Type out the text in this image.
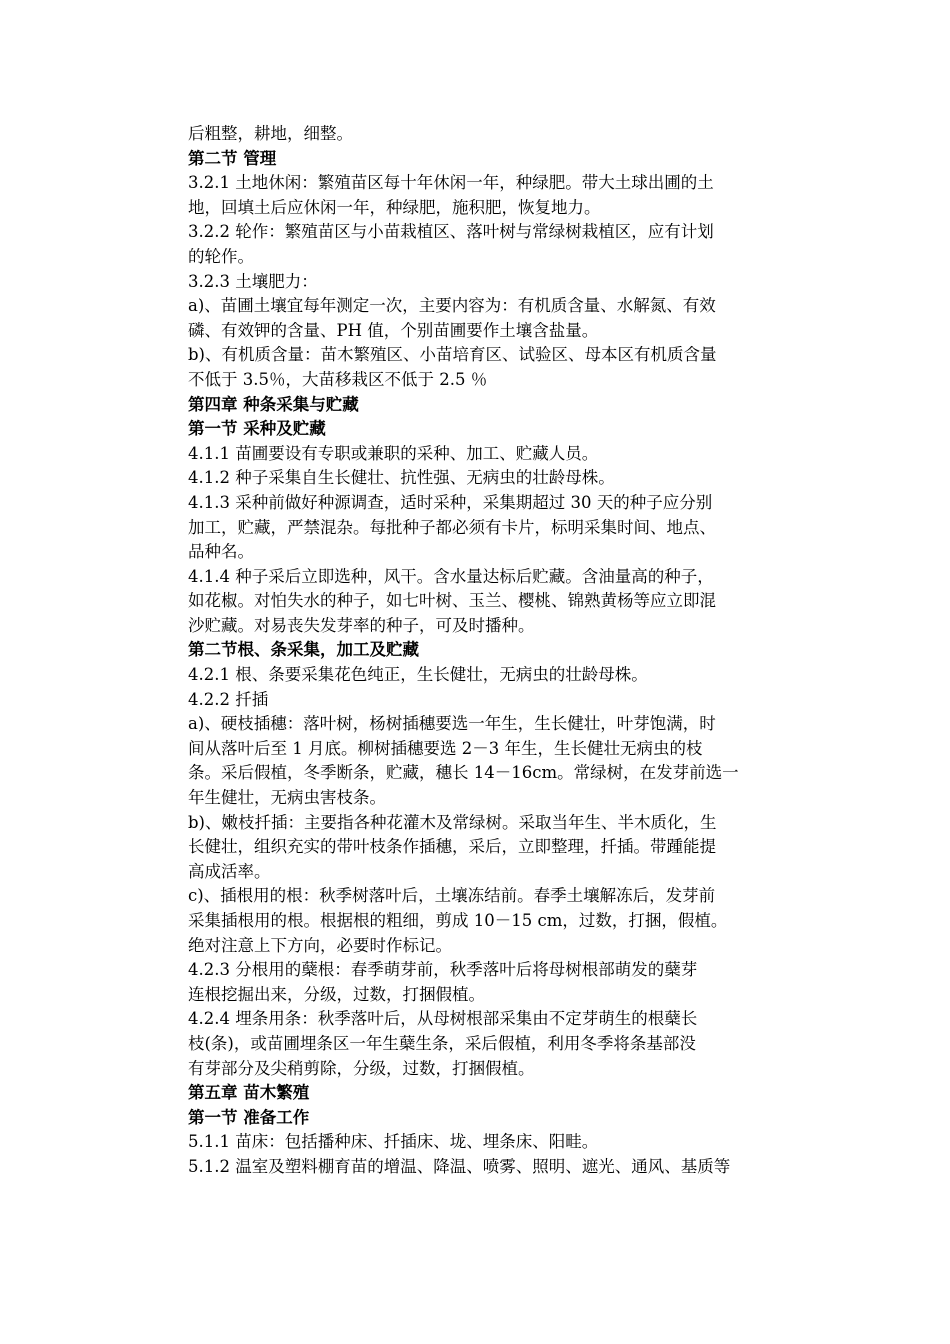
后粗整，耕地，细整。
第二节 管理
3.2.1 土地休闲：繁殖苗区每十年休闲一年，种绿肥。带大土球出圃的土
地，回填土后应休闲一年，种绿肥，施积肥，恢复地力。
3.2.2 轮作：繁殖苗区与小苗栽植区、落叶树与常绿树栽植区，应有计划
的轮作。
3.2.3 土壤肥力：
a)、苗圃土壤宜每年测定一次，主要内容为：有机质含量、水解氮、有效
磷、有效钾的含量、PH 值，个别苗圃要作土壤含盐量。
b)、有机质含量：苗木繁殖区、小苗培育区、试验区、母本区有机质含量
不低于 3.5％，大苗移栽区不低于 2.5 ％
第四章 种条采集与贮藏
第一节 采种及贮藏
4.1.1 苗圃要设有专职或兼职的采种、加工、贮藏人员。
4.1.2 种子采集自生长健壮、抗性强、无病虫的壮龄母株。
4.1.3 采种前做好种源调查，适时采种，采集期超过 30 天的种子应分别
加工，贮藏，严禁混杂。每批种子都必须有卡片，标明采集时间、地点、
品种名。
4.1.4 种子采后立即选种，风干。含水量达标后贮藏。含油量高的种子，
如花椒。对怕失水的种子，如七叶树、玉兰、樱桃、锦熟黄杨等应立即混
沙贮藏。对易丧失发芽率的种子，可及时播种。
第二节根、条采集，加工及贮藏
4.2.1 根、条要采集花色纯正，生长健壮，无病虫的壮龄母株。
4.2.2 扦插
a)、硬枝插穗：落叶树，杨树插穗要选一年生，生长健壮，叶芽饱满，时
间从落叶后至 1 月底。柳树插穗要选 2－3 年生，生长健壮无病虫的枝
条。采后假植，冬季断条，贮藏，穗长 14－16cm。常绿树，在发芽前选一
年生健壮，无病虫害枝条。
b)、嫩枝扦插：主要指各种花灌木及常绿树。采取当年生、半木质化，生
长健壮，组织充实的带叶枝条作插穗，采后，立即整理，扦插。带踵能提
高成活率。
c)、插根用的根：秋季树落叶后，土壤冻结前。春季土壤解冻后，发芽前
采集插根用的根。根据根的粗细，剪成 10－15 cm，过数，打捆，假植。
绝对注意上下方向，必要时作标记。
4.2.3 分根用的蘖根：春季萌芽前，秋季落叶后将母树根部萌发的蘖芽
连根挖掘出来，分级，过数，打捆假植。
4.2.4 埋条用条：秋季落叶后，从母树根部采集由不定芽萌生的根蘖长
枝(条)，或苗圃埋条区一年生蘖生条，采后假植，利用冬季将条基部没
有芽部分及尖稍剪除，分级，过数，打捆假植。
第五章 苗木繁殖
第一节 准备工作
5.1.1 苗床：包括播种床、扦插床、垅、埋条床、阳畦。
5.1.2 温室及塑料棚育苗的增温、降温、喷雾、照明、遮光、通风、基质等
